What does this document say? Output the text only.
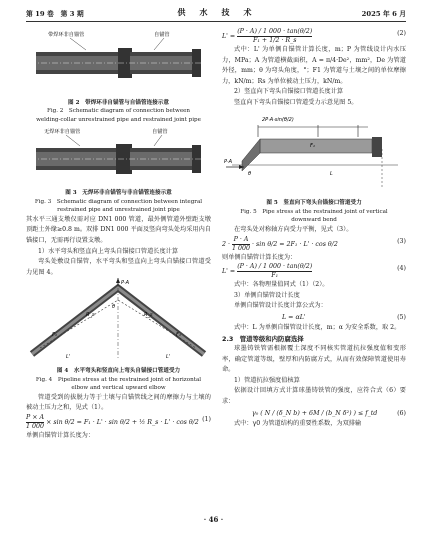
第 19 卷　第 3 期	供　水　技　术	2025 年 6 月
带焊环非自锚管	自锚管
图 2　带焊环非自锚管与自锚管连接示意
Fig. 2　Schematic diagram of connection between
welding-collar unrestrained pipe and restrained joint pipe
无焊环非自锚管	自锚管
图 3　无焊环非自锚管与非自锚管连接示意
Fig. 3　Schematic diagram of connection between integral
restrained pipe and unrestrained joint pipe

其水平三通支墩仅需对应 DN1 000 管道，最外侧管道外壁距支墩顶距土外缘≥0.8 m。双排 DN1 000 平面及竖向弯头处均采用内自锚接口，无需再行设置支墩。

1）水平弯头和竖直向上弯头自锚接口管道长度计算

弯头处敷设自锚管，水平弯头和竖直向上弯头自锚接口管道受力见图 4。

P·A
F₁	F₁
R_s	R_s
θ
L'	L'
图 4　水平弯头和竖直向上弯头自锚接口管道受力
Fig. 4　Pipeline stress at the restrained joint of horizontal
elbow and vertical upward elbow

管道受到的拔脱力等于土壤与自锚管线之间的摩擦力与土壤的被动土压力之和，见式（1）。

$\frac{P \times A}{1 000} \times \sin \theta/2 = F_1 \cdot L' \cdot \sin \theta/2$ + ½ R_s · L' · cos θ/2 (1)

单侧自锚管计算长度为：

$L' = \frac{(P \cdot A) / 1 000 \cdot \tan(\theta/2)}{\text{F₁ + 1/2 · R\_s}}$	(2)

式中：L' 为单侧自锚管计算长度，m；P 为管线设计内水压力，MPa；A 为管道横截面积，A = π/4·De²，mm²，De 为管道外径，mm；θ 为弯头角度，°；F1 为管道与土壤之间的单位摩擦力，kN/m；Rs 为单位被动土压力，kN/m。

2）竖直向下弯头自锚接口管道长度计算

竖直向下弯头自锚接口管道受力示意见图 5。

P·A
2P·A·sin(θ/2)
F₁
L
θ
图 5　竖直向下弯头自锚接口管道受力
Fig. 5　Pipe stress at the restrained joint of vertical
downward bend

在弯头处对称轴方向受力平衡，见式（3）。

$2 \cdot \frac{P \cdot A}{1 000} \cdot \sin \theta/2 = 2F_1 \cdot L' \cdot \cos \theta/2$	(3)

则单侧自锚管计算长度为：

$L' = \frac{(P \cdot A) / 1 000 \cdot \tan(\theta/2)}{\text{F₁}}$	(4)

式中：各物理量值同式（1）（2）。

3）单侧自锚管设计长度

单侧自锚管设计长度计算公式为：

L = αL'	(5)

式中：L 为单侧自锚管设计长度，m；α 为安全系数，取 2。

2.3　管道等级和内防腐选择

球墨铸铁管需根据覆土深度不同核实管道抗拉强度值和变形率，确定管道等级，壁厚和内防腐方式，从而有效保障管道使用寿命。

1）管道抗拉强度值核算

依据设计回填方式计算球墨铸铁管的强度，应符合式（6）要求：

γ₀ ( N / (δ_N b) + 6M / (b_N δ²) ) ≤ f_td	(6)

式中：γ0 为管道结构的重要性系数，为双排输

· 46 ·
